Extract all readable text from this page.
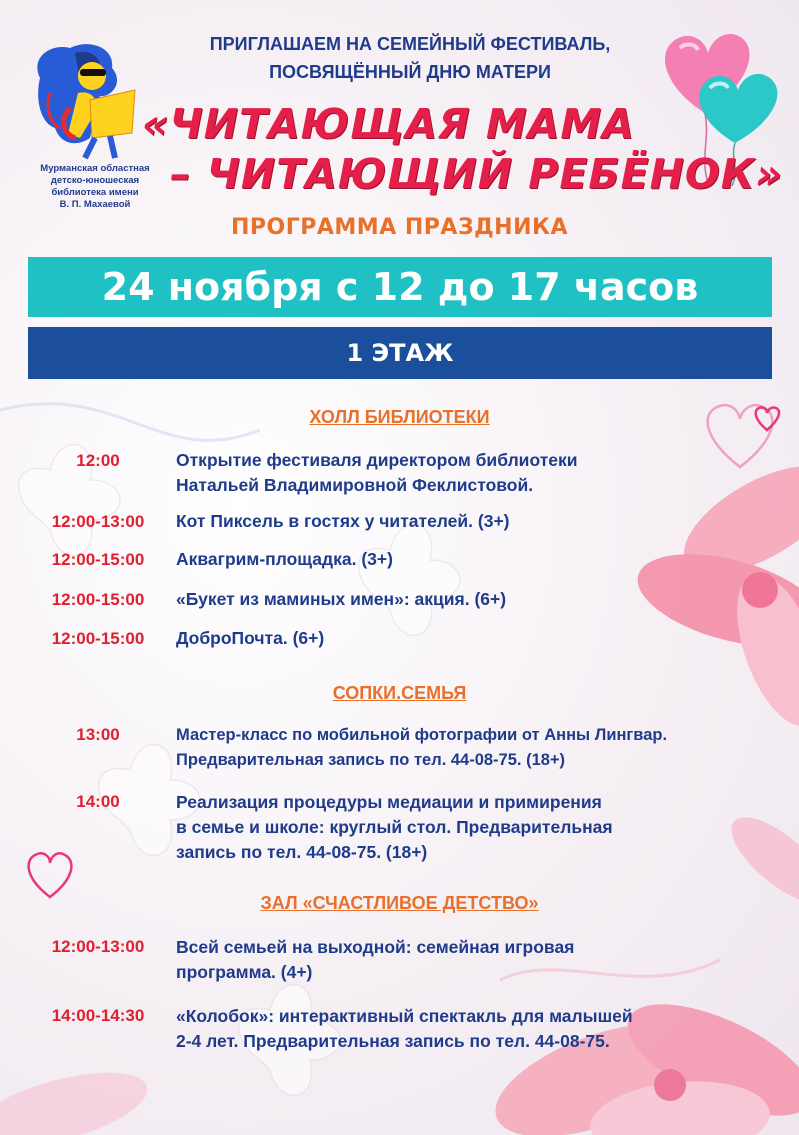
Мурманская областная
детско-юношеская
библиотека имени
В. П. Махаевой
ПРИГЛАШАЕМ НА СЕМЕЙНЫЙ ФЕСТИВАЛЬ,
ПОСВЯЩЁННЫЙ ДНЮ МАТЕРИ
«ЧИТАЮЩАЯ МАМА
– ЧИТАЮЩИЙ РЕБЁНОК»
ПРОГРАММА ПРАЗДНИКА
24 ноября с 12 до 17 часов
1 ЭТАЖ
ХОЛЛ БИБЛИОТЕКИ
12:00	Открытие фестиваля директором библиотеки
Натальей Владимировной Феклистовой.
12:00-13:00	Кот Пиксель в гостях у читателей. (3+)
12:00-15:00	Аквагрим-площадка. (3+)
12:00-15:00	«Букет из маминых имен»: акция. (6+)
12:00-15:00	ДоброПочта. (6+)
СОПКИ.СЕМЬЯ
13:00	Мастер-класс по мобильной фотографии от Анны Лингвар.
Предварительная запись по тел. 44-08-75. (18+)
14:00	Реализация процедуры медиации и примирения
в семье и школе: круглый стол. Предварительная
запись по тел. 44-08-75. (18+)
ЗАЛ «СЧАСТЛИВОЕ ДЕТСТВО»
12:00-13:00	Всей семьей на выходной: семейная игровая
программа. (4+)
14:00-14:30	«Колобок»: интерактивный спектакль для малышей
2-4 лет. Предварительная запись по тел. 44-08-75.
